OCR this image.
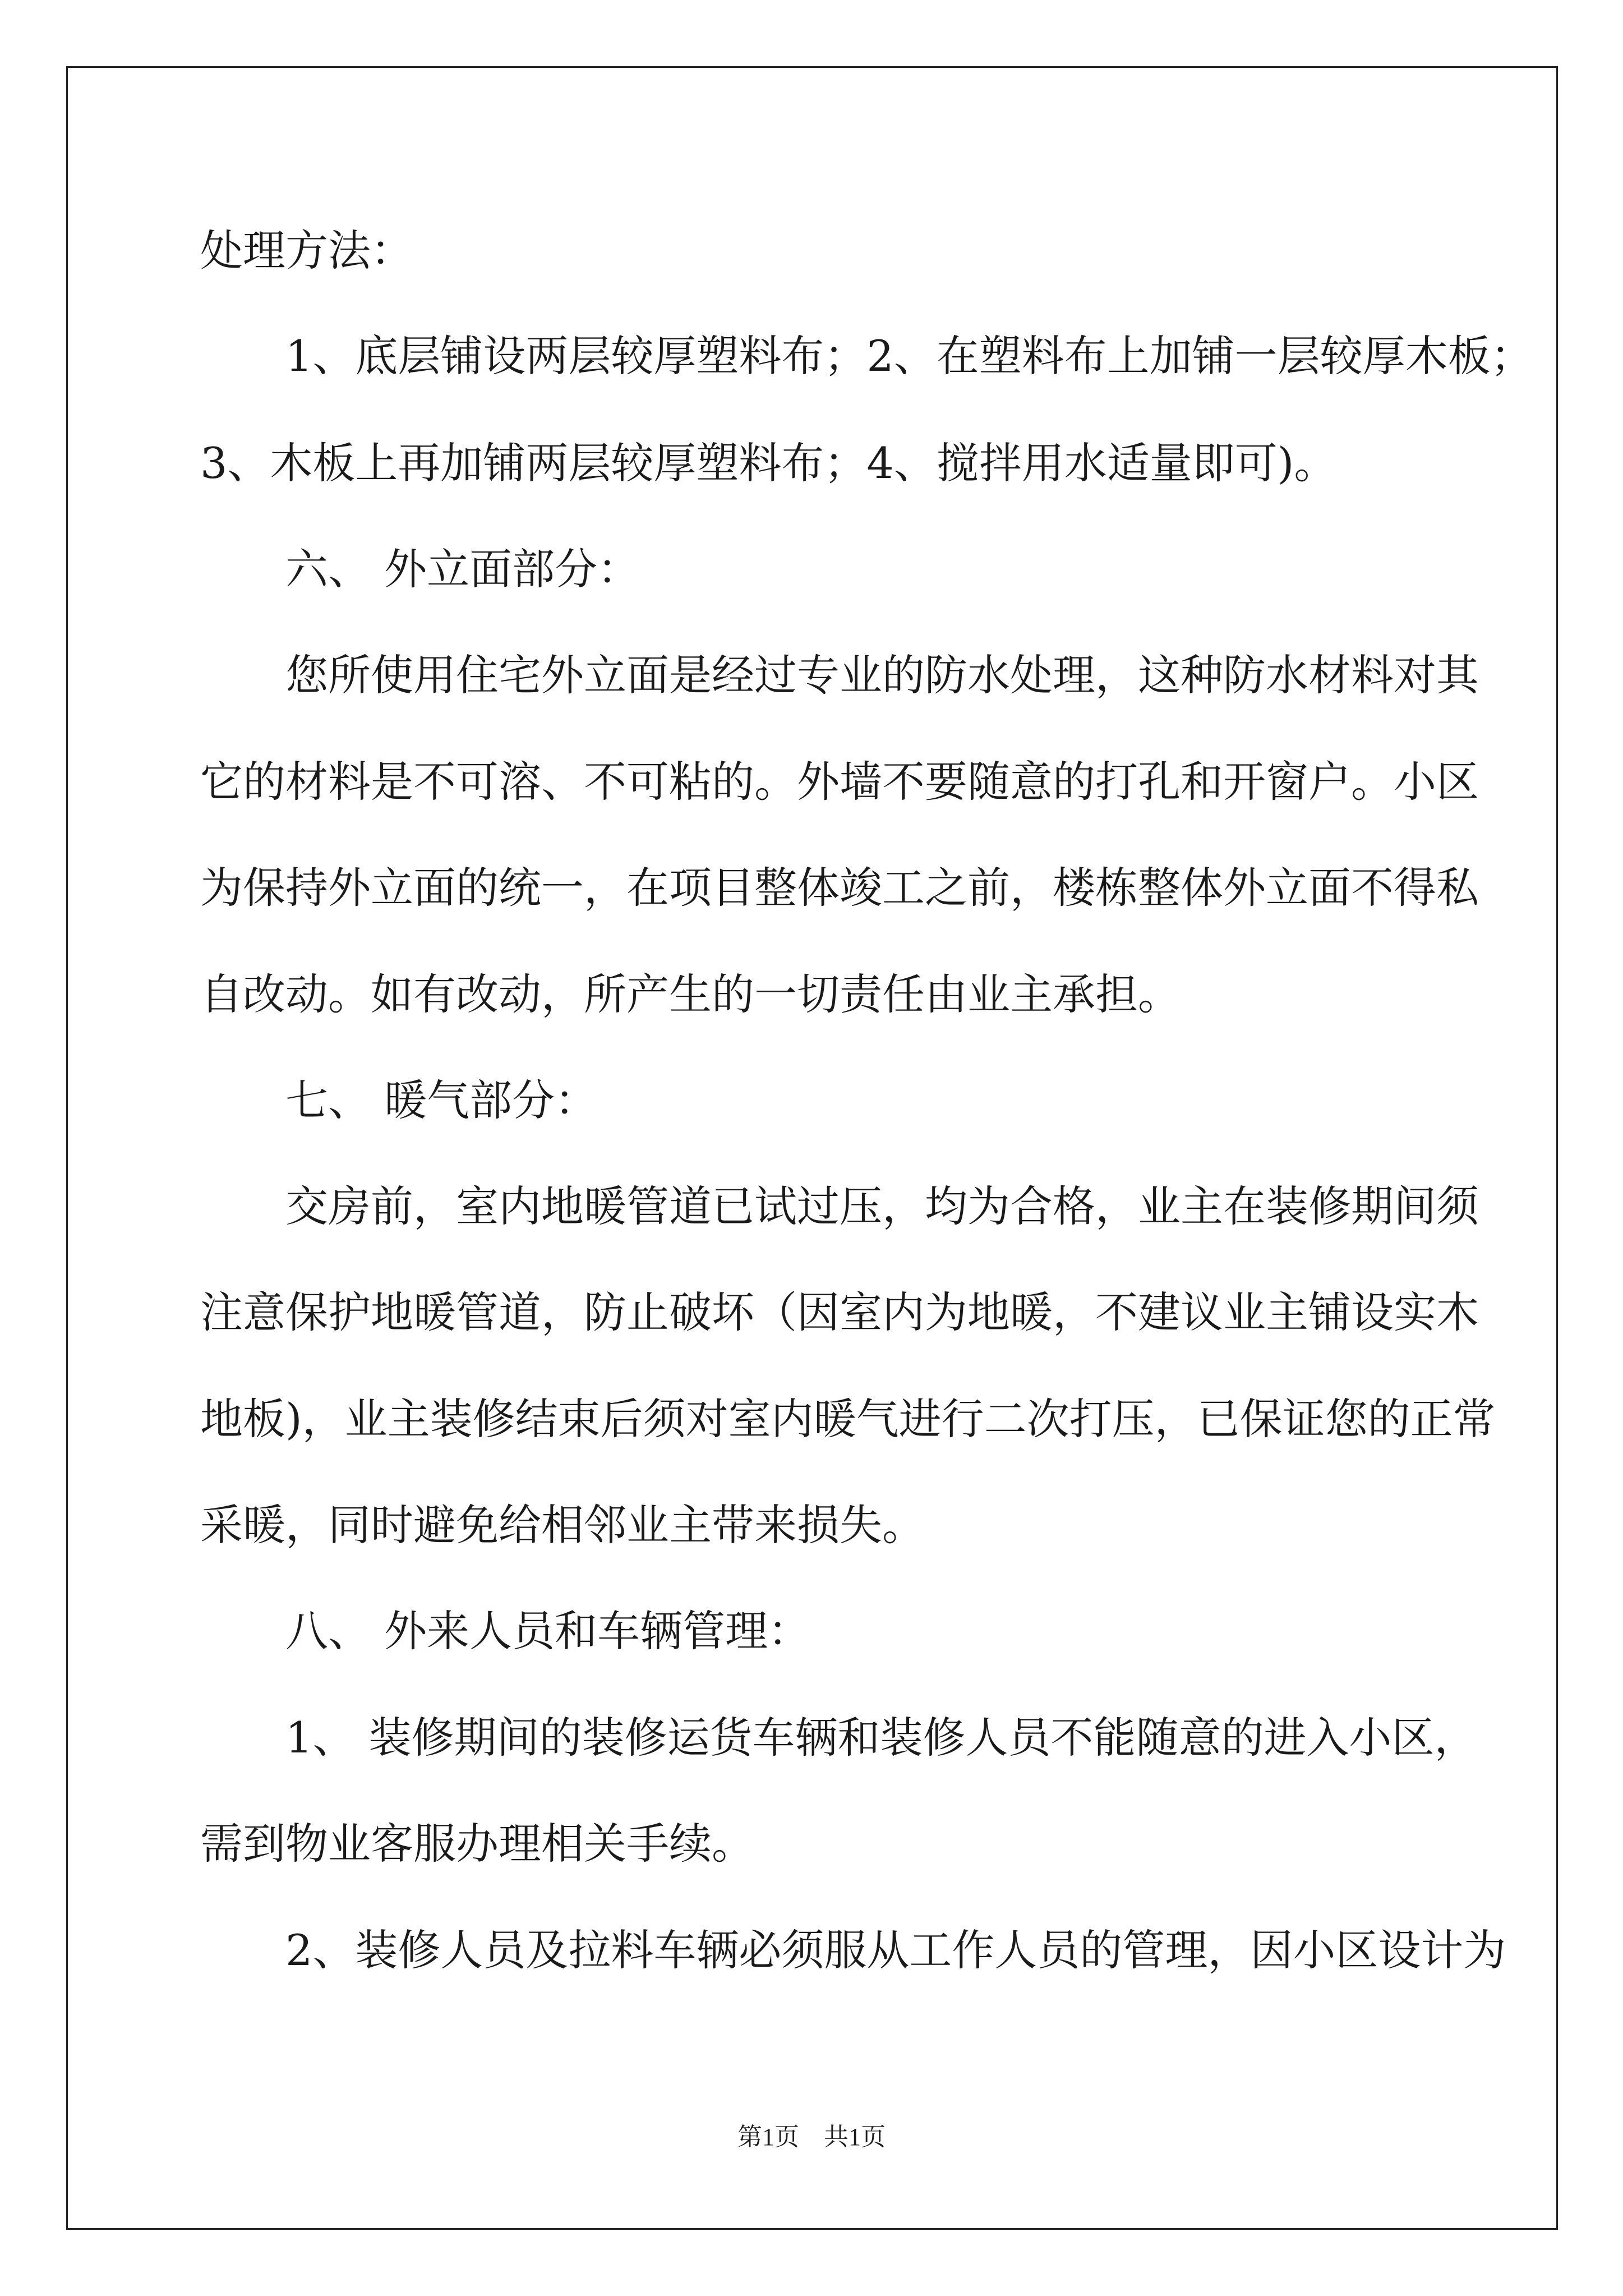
处理方法：
　　1、底层铺设两层较厚塑料布；2、在塑料布上加铺一层较厚木板；
3、木板上再加铺两层较厚塑料布；4、搅拌用水适量即可)。
　　六、 外立面部分：
　　您所使用住宅外立面是经过专业的防水处理，这种防水材料对其
它的材料是不可溶、不可粘的。外墙不要随意的打孔和开窗户。小区
为保持外立面的统一，在项目整体竣工之前，楼栋整体外立面不得私
自改动。如有改动，所产生的一切责任由业主承担。
　　七、 暖气部分：
　　交房前，室内地暖管道已试过压，均为合格，业主在装修期间须
注意保护地暖管道，防止破坏（因室内为地暖，不建议业主铺设实木
地板)，业主装修结束后须对室内暖气进行二次打压，已保证您的正常
采暖，同时避免给相邻业主带来损失。
　　八、 外来人员和车辆管理：
　　1、 装修期间的装修运货车辆和装修人员不能随意的进入小区，
需到物业客服办理相关手续。
　　2、装修人员及拉料车辆必须服从工作人员的管理，因小区设计为
第1页　共1页
